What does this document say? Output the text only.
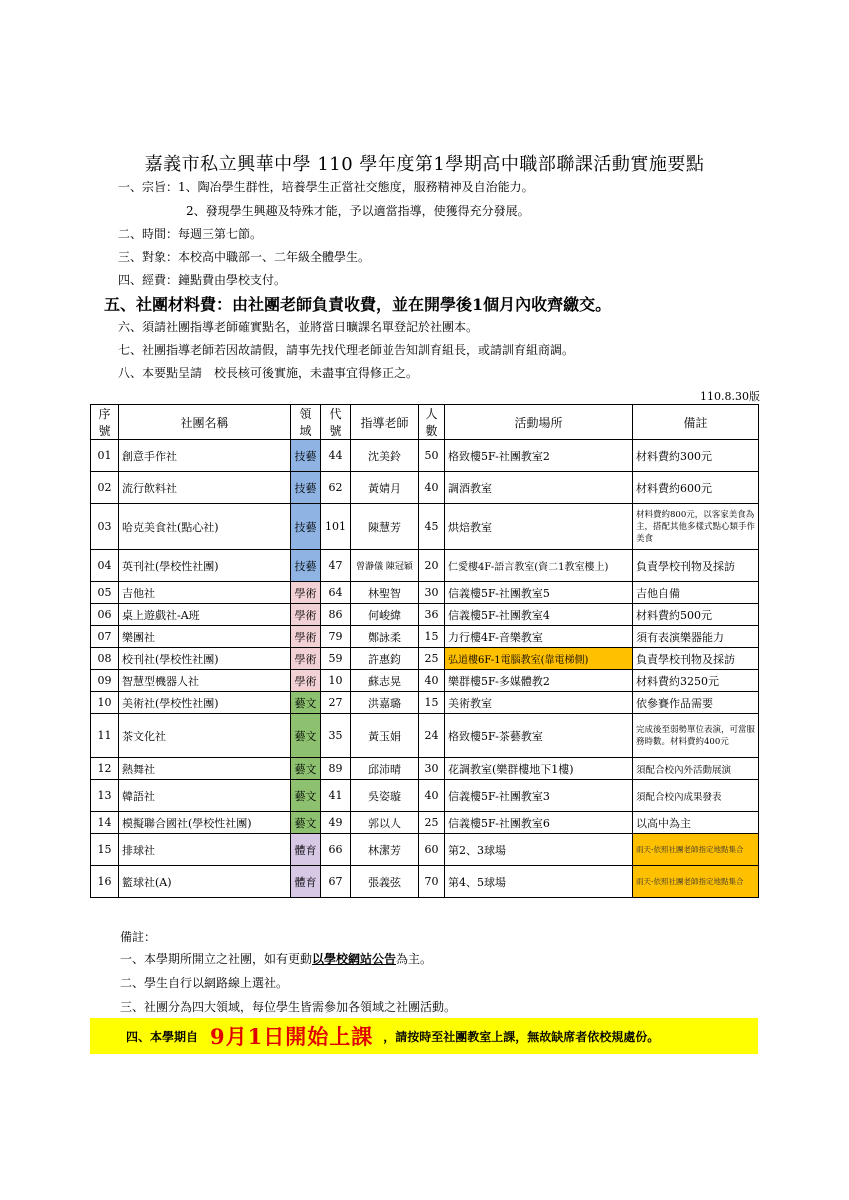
嘉義市私立興華中學 110 學年度第1學期高中職部聯課活動實施要點
一、宗旨：1、陶冶學生群性，培養學生正當社交態度，服務精神及自治能力。
2、發現學生興趣及特殊才能，予以適當指導，使獲得充分發展。
二、時間：每週三第七節。
三、對象：本校高中職部一、二年級全體學生。
四、經費：鐘點費由學校支付。
五、社團材料費：由社團老師負責收費，並在開學後1個月內收齊繳交。
六、須請社團指導老師確實點名，並將當日曠課名單登記於社團本。
七、社團指導老師若因故請假，請事先找代理老師並告知訓育組長，或請訓育組商調。
八、本要點呈請　校長核可後實施，未盡事宜得修正之。
110.8.30版
序號	社團名稱	領域	代號	指導老師	人數	活動場所	備註
01	創意手作社	技藝	44	沈美鈴	50	格致樓5F-社團教室2	材料費約300元
02	流行飲料社	技藝	62	黃婧月	40	調酒教室	材料費約600元
03	哈克美食社(點心社)	技藝	101	陳慧芳	45	烘焙教室	材料費約800元，以客家美食為主，搭配其他多樣式點心類手作美食
04	英刊社(學校性社團)	技藝	47	曾瀞儀 陳冠穎	20	仁愛樓4F-語言教室(資二1教室樓上)	負責學校刊物及採訪
05	吉他社	學術	64	林聖智	30	信義樓5F-社團教室5	吉他自備
06	桌上遊戲社-A班	學術	86	何峻緯	36	信義樓5F-社團教室4	材料費約500元
07	樂團社	學術	79	鄭詠柔	15	力行樓4F-音樂教室	須有表演樂器能力
08	校刊社(學校性社團)	學術	59	許惠鈞	25	弘道樓6F-1電腦教室(靠電梯側)	負責學校刊物及採訪
09	智慧型機器人社	學術	10	蘇志晃	40	樂群樓5F-多媒體教2	材料費約3250元
10	美術社(學校性社團)	藝文	27	洪嘉璐	15	美術教室	依參賽作品需要
11	茶文化社	藝文	35	黃玉娟	24	格致樓5F-茶藝教室	完成後至弱勢單位表演，可當服務時數。材料費約400元
12	熱舞社	藝文	89	邱沛晴	30	花調教室(樂群樓地下1樓)	須配合校內外活動展演
13	韓語社	藝文	41	吳姿璇	40	信義樓5F-社團教室3	須配合校內成果發表
14	模擬聯合國社(學校性社團)	藝文	49	郭以人	25	信義樓5F-社團教室6	以高中為主
15	排球社	體育	66	林潔芳	60	第2、3球場	雨天-依照社團老師指定地點集合
16	籃球社(A)	體育	67	張義弦	70	第4、5球場	雨天-依照社團老師指定地點集合
備註：
一、本學期所開立之社團，如有更動以學校網站公告為主。
二、學生自行以網路線上選社。
三、社團分為四大領域，每位學生皆需參加各領域之社團活動。
四、本學期自 9月1日開始上課 ，請按時至社團教室上課，無故缺席者依校規處份。
